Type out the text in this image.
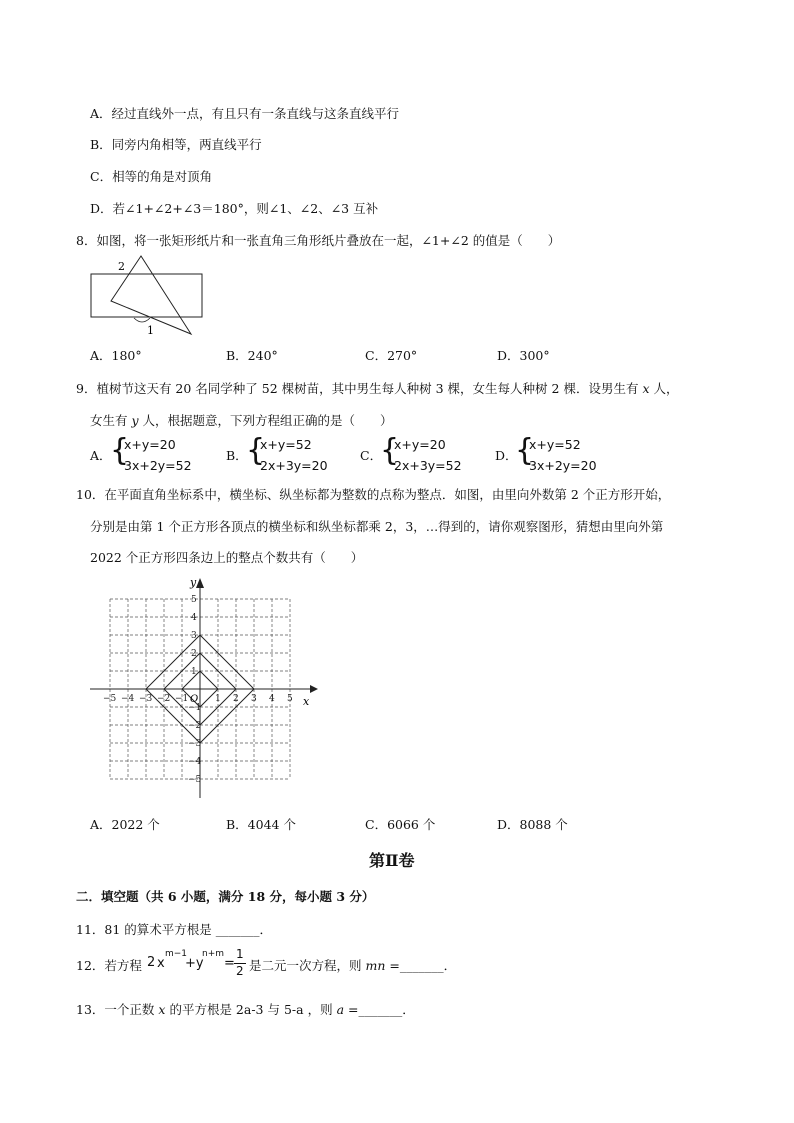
A．经过直线外一点，有且只有一条直线与这条直线平行
B．同旁内角相等，两直线平行
C．相等的角是对顶角
D．若∠1+∠2+∠3＝180°，则∠1、∠2、∠3 互补
8．如图，将一张矩形纸片和一张直角三角形纸片叠放在一起，∠1+∠2 的值是（　　）
2
1
A．180°	B．240°	C．270°	D．300°
9．植树节这天有 20 名同学种了 52 棵树苗，其中男生每人种树 3 棵，女生每人种树 2 棵．设男生有 x 人，
女生有 y 人，根据题意，下列方程组正确的是（　　）
A．
{
x+y=20
3x+2y=52
B．
{
x+y=52
2x+3y=20
C．
{
x+y=20
2x+3y=52
D．
{
x+y=52
3x+2y=20
10．在平面直角坐标系中，横坐标、纵坐标都为整数的点称为整点．如图，由里向外数第 2 个正方形开始，
分别是由第 1 个正方形各顶点的横坐标和纵坐标都乘 2，3，…得到的，请你观察图形，猜想由里向外第
2022 个正方形四条边上的整点个数共有（　　）
−5
−5
−4
−4
−3
−3
−2
−2
−1
−1
1
1
2
2
3
3
4
4
5
5
x
y
O
A．2022 个	B．4044 个	C．6066 个	D．8088 个
第Ⅱ卷
二．填空题（共 6 小题，满分 18 分，每小题 3 分）
11．81 的算术平方根是 _______．
12．若方程 2 x
m−1
+y
n+m
=
1
2 是二元一次方程，则 mn =_______．
13．一个正数 x 的平方根是 2a-3 与 5-a ，则 a =_______．
